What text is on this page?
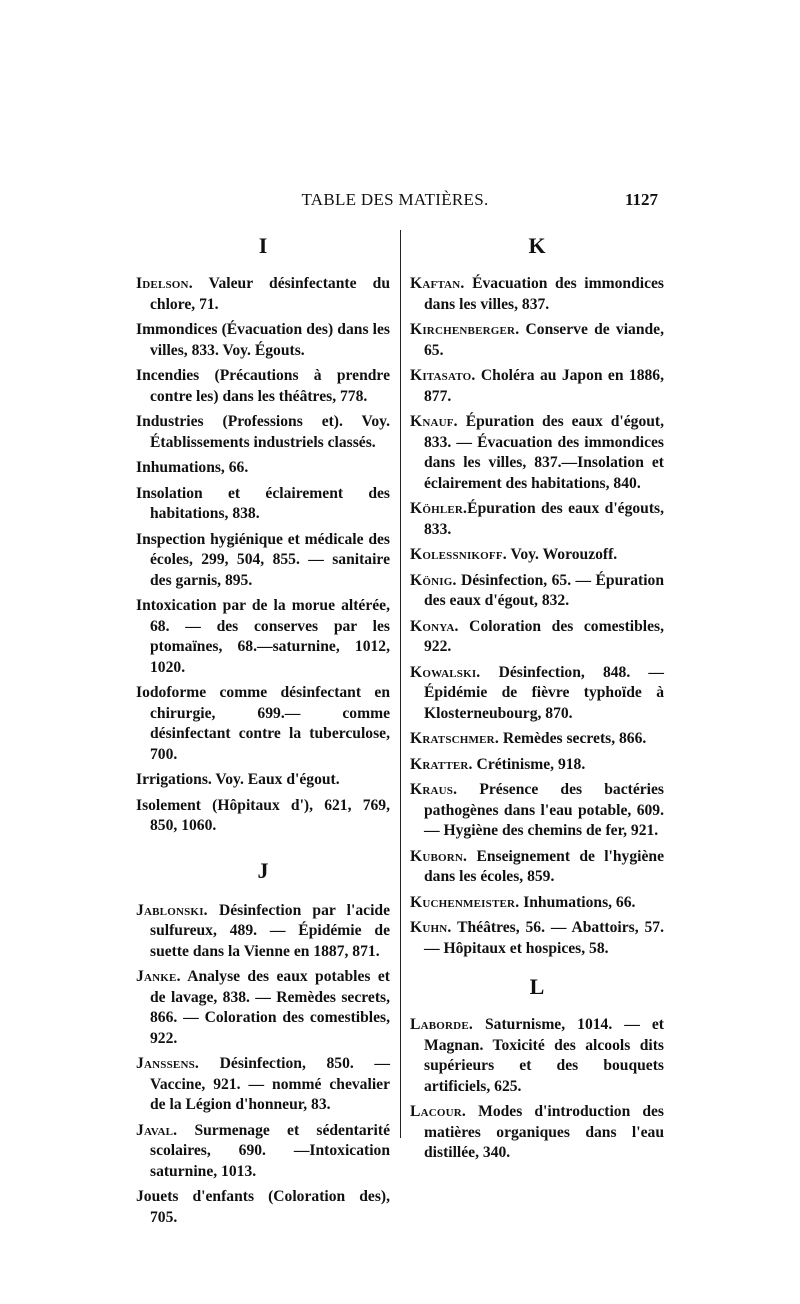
TABLE DES MATIÈRES.	1127

I

Idelson. Valeur désinfectante du chlore, 71.

Immondices (Évacuation des) dans les villes, 833. Voy. Égouts.

Incendies (Précautions à prendre contre les) dans les théâtres, 778.

Industries (Professions et). Voy. Établissements industriels classés.

Inhumations, 66.

Insolation et éclairement des habitations, 838.

Inspection hygiénique et médicale des écoles, 299, 504, 855. — sanitaire des garnis, 895.

Intoxication par de la morue altérée, 68. — des conserves par les ptomaïnes, 68.—saturnine, 1012, 1020.

Iodoforme comme désinfectant en chirurgie, 699.— comme désinfectant contre la tuberculose, 700.

Irrigations. Voy. Eaux d'égout.

Isolement (Hôpitaux d'), 621, 769, 850, 1060.

J

Jablonski. Désinfection par l'acide sulfureux, 489. — Épidémie de suette dans la Vienne en 1887, 871.

Janke. Analyse des eaux potables et de lavage, 838. — Remèdes secrets, 866. — Coloration des comestibles, 922.

Janssens. Désinfection, 850. —Vaccine, 921. — nommé chevalier de la Légion d'honneur, 83.

Javal. Surmenage et sédentarité scolaires, 690. —Intoxication saturnine, 1013.

Jouets d'enfants (Coloration des), 705.

K

Kaftan. Évacuation des immondices dans les villes, 837.

Kirchenberger. Conserve de viande, 65.

Kitasato. Choléra au Japon en 1886, 877.

Knauf. Épuration des eaux d'égout, 833. — Évacuation des immondices dans les villes, 837.—Insolation et éclairement des habitations, 840.

Köhler.Épuration des eaux d'égouts, 833.

Kolessnikoff. Voy. Worouzoff.

König. Désinfection, 65. — Épuration des eaux d'égout, 832.

Konya. Coloration des comestibles, 922.

Kowalski. Désinfection, 848. — Épidémie de fièvre typhoïde à Klosterneubourg, 870.

Kratschmer. Remèdes secrets, 866.

Kratter. Crétinisme, 918.

Kraus. Présence des bactéries pathogènes dans l'eau potable, 609. — Hygiène des chemins de fer, 921.

Kuborn. Enseignement de l'hygiène dans les écoles, 859.

Kuchenmeister. Inhumations, 66.

Kuhn. Théâtres, 56. — Abattoirs, 57. — Hôpitaux et hospices, 58.

L

Laborde. Saturnisme, 1014. — et Magnan. Toxicité des alcools dits supérieurs et des bouquets artificiels, 625.

Lacour. Modes d'introduction des matières organiques dans l'eau distillée, 340.
